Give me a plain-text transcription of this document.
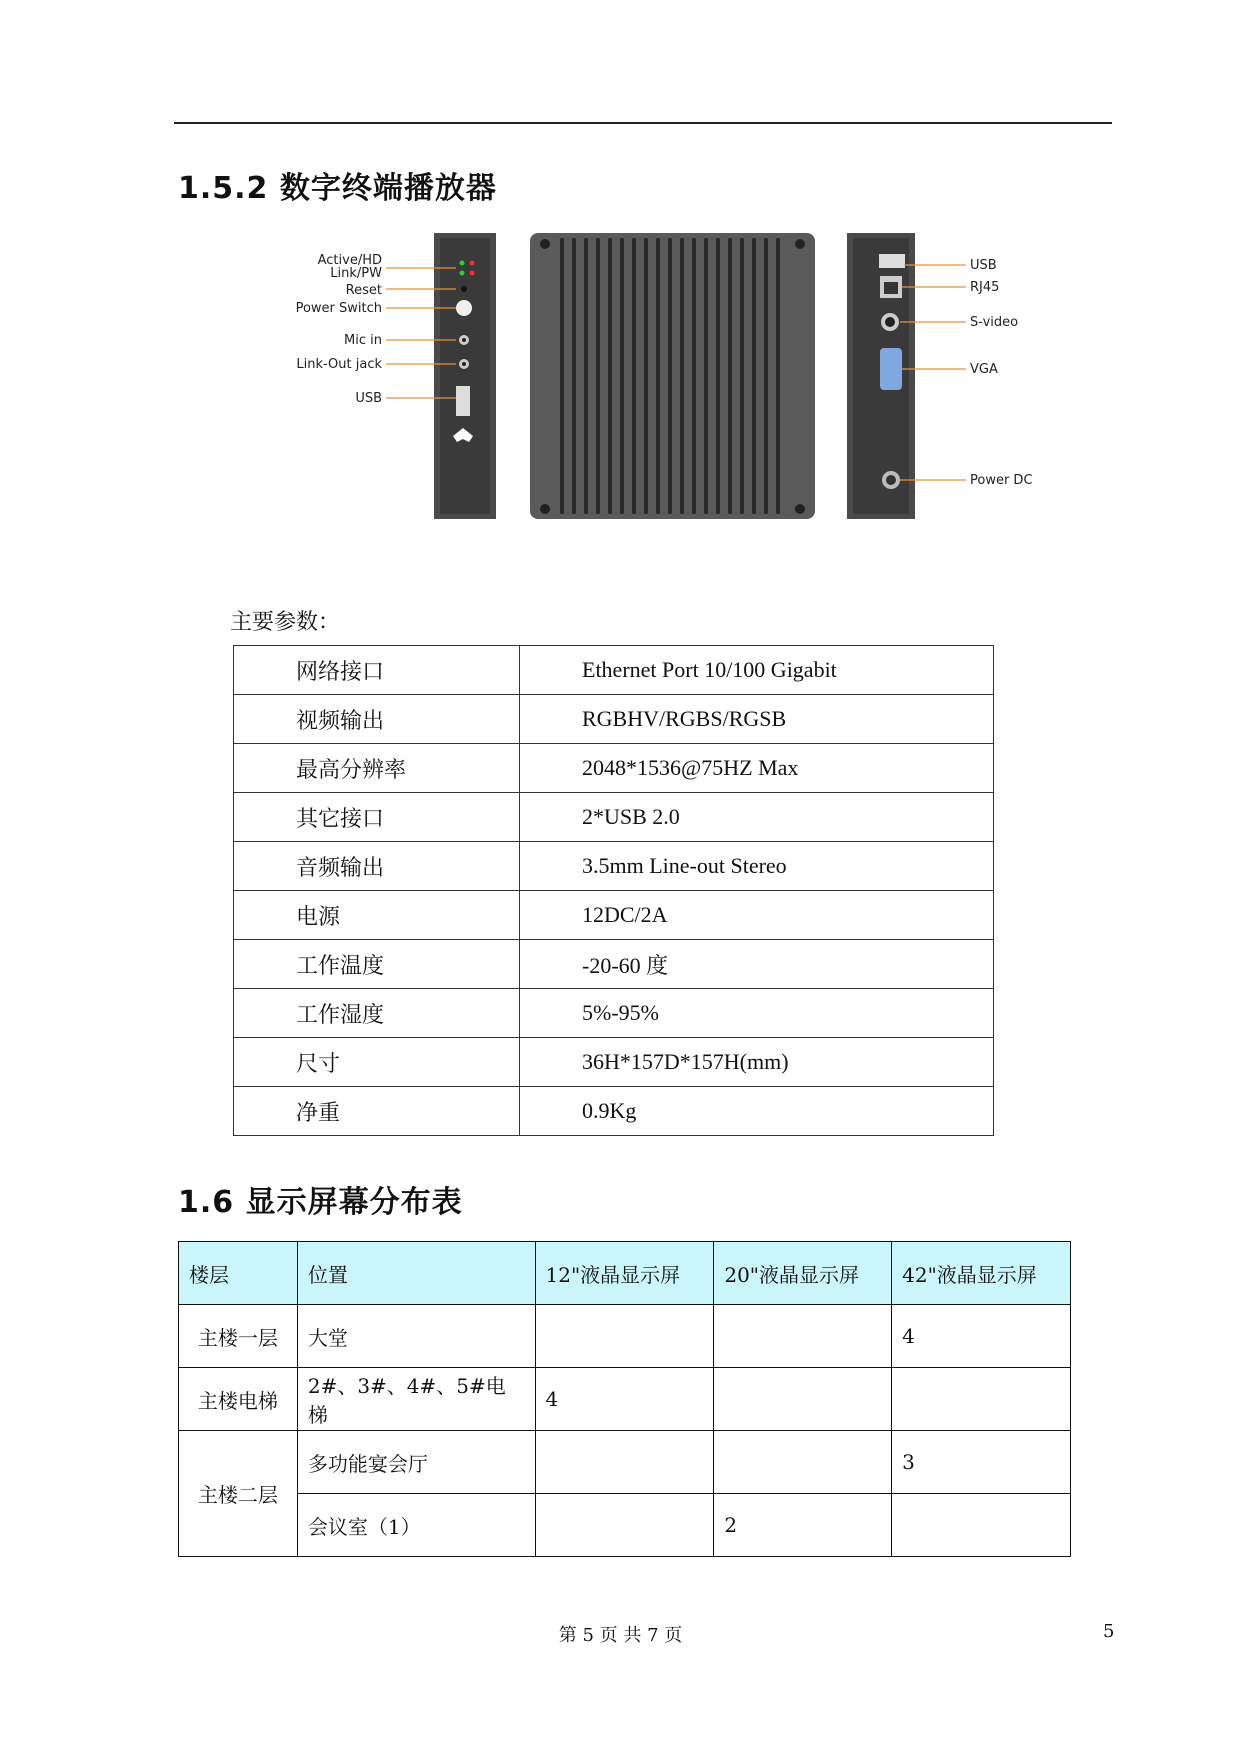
1.5.2 数字终端播放器
Active/HD
Link/PW
Reset
Power Switch
Mic in
Link-Out jack
USB
USB
RJ45
S-video
VGA
Power DC
主要参数：
网络接口	Ethernet Port 10/100 Gigabit
视频输出	RGBHV/RGBS/RGSB
最高分辨率	2048*1536@75HZ Max
其它接口	2*USB 2.0
音频输出	3.5mm Line-out Stereo
电源	12DC/2A
工作温度	-20-60 度
工作湿度	5%-95%
尺寸	36H*157D*157H(mm)
净重	0.9Kg
1.6 显示屏幕分布表
楼层	位置	12"液晶显示屏	20"液晶显示屏	42"液晶显示屏
主楼一层	大堂			4
主楼电梯	2#、3#、4#、5#电梯	4		
主楼二层	多功能宴会厅			3
	会议室（1）		2	
第 5 页 共 7 页	5
